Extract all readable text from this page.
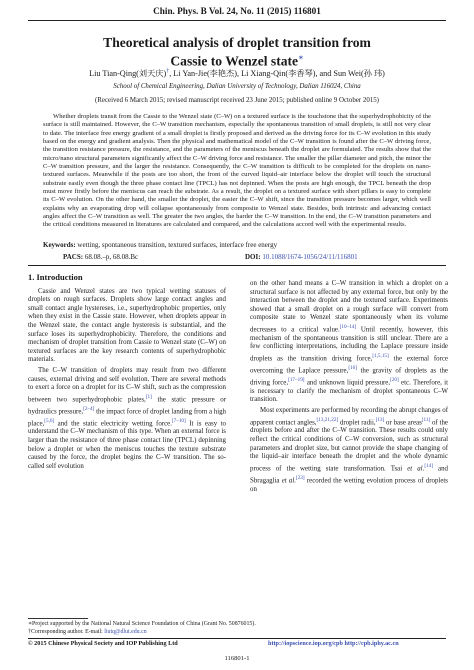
Chin. Phys. B Vol. 24, No. 11 (2015) 116801
Theoretical analysis of droplet transition from
Cassie to Wenzel state∗
Liu Tian-Qing(刘天庆)†, Li Yan-Jie(李艳杰), Li Xiang-Qin(李香琴), and Sun Wei(孙 玮)
School of Chemical Engineering, Dalian University of Technology, Dalian 116024, China
(Received 6 March 2015; revised manuscript received 23 June 2015; published online 9 October 2015)
Whether droplets transit from the Cassie to the Wenzel state (C–W) on a textured surface is the touchstone that the superhydrophobicity of the surface is still maintained. However, the C–W transition mechanism, especially the spontaneous transition of small droplets, is still not very clear to date. The interface free energy gradient of a small droplet is firstly proposed and derived as the driving force for its C–W evolution in this study based on the energy and gradient analysis. Then the physical and mathematical model of the C–W transition is found after the C–W driving force, the transition resistance pressure, the resistance, and the parameters of the meniscus beneath the droplet are formulated. The results show that the micro/nano structural parameters significantly affect the C–W driving force and resistance. The smaller the pillar diameter and pitch, the minor the C–W transition pressure, and the larger the resistance. Consequently, the C–W transition is difficult to be completed for the droplets on nano-textured surfaces. Meanwhile if the posts are too short, the front of the curved liquid–air interface below the droplet will touch the structural substrate easily even though the three phase contact line (TPCL) has not depinned. When the posts are high enough, the TPCL beneath the drop must move firstly before the meniscus can reach the substrate. As a result, the droplet on a textured surface with short pillars is easy to complete its C–W evolution. On the other hand, the smaller the droplet, the easier the C–W shift, since the transition pressure becomes larger, which well explains why an evaporating drop will collapse spontaneously from composite to Wenzel state. Besides, both intrinsic and advancing contact angles affect the C–W transition as well. The greater the two angles, the harder the C–W transition. In the end, the C–W transition parameters and the critical conditions measured in literatures are calculated and compared, and the calculations accord well with the experimental results.
Keywords: wetting, spontaneous transition, textured surfaces, interface free energy
PACS: 68.08.–p, 68.08.Bc	DOI: 10.1088/1674-1056/24/11/116801

1. Introduction

Cassie and Wenzel states are two typical wetting statuses of droplets on rough surfaces. Droplets show large contact angles and small contact angle hystereses, i.e., superhydrophobic properties, only when they exist in the Cassie state. However, when droplets appear in the Wenzel state, the contact angle hysteresis is substantial, and the surface loses its superhydrophobicity. Therefore, the conditions and mechanism of droplet transition from Cassie to Wenzel state (C–W) on textured surfaces are the key research contents of superhydrophobic materials.

The C–W transition of droplets may result from two different causes, external driving and self evolution. There are several methods to exert a force on a droplet for its C–W shift, such as the compression between two superhydrophobic plates,[1] the static pressure or hydraulics pressure,[2–4] the impact force of droplet landing from a high place,[5,6] and the static electricity wetting force.[7–10] It is easy to understand the C–W mechanism of this type. When an external force is larger than the resistance of three phase contact line (TPCL) depinning below a droplet or when the meniscus touches the texture substrate caused by the force, the droplet begins the C–W transition. The so-called self evolution

on the other hand means a C–W transition in which a droplet on a structural surface is not affected by any external force, but only by the interaction between the droplet and the textured surface. Experiments showed that a small droplet on a rough surface will convert from composite state to Wenzel state spontaneously when its volume decreases to a critical value.[10–14] Until recently, however, this mechanism of the spontaneous transition is still unclear. There are a few conflicting interpretations, including the Laplace pressure inside droplets as the transition driving force,[1,5,15] the external force overcoming the Laplace pressure,[16] the gravity of droplets as the driving force,[17–19] and unknown liquid pressure,[20] etc. Therefore, it is necessary to clarify the mechanism of droplet spontaneous C–W transition.

Most experiments are performed by recording the abrupt changes of apparent contact angles,[13,21,22] droplet radii,[13] or base areas[11] of the droplets before and after the C–W transition. These results could only reflect the critical conditions of C–W conversion, such as structural parameters and droplet size, but cannot provide the shape changing of the liquid–air interface beneath the droplet and the whole dynamic process of the wetting state transformation. Tsai et al.[14] and Sbragaglia et al.[23] recorded the wetting evolution process of droplets on

∗Project supported by the National Natural Science Foundation of China (Grant No. 50876015).
†Corresponding author. E-mail: liutq@dlut.edu.cn
© 2015 Chinese Physical Society and IOP Publishing Ltd	http://iopscience.iop.org/cpb http://cpb.iphy.ac.cn
116801-1
